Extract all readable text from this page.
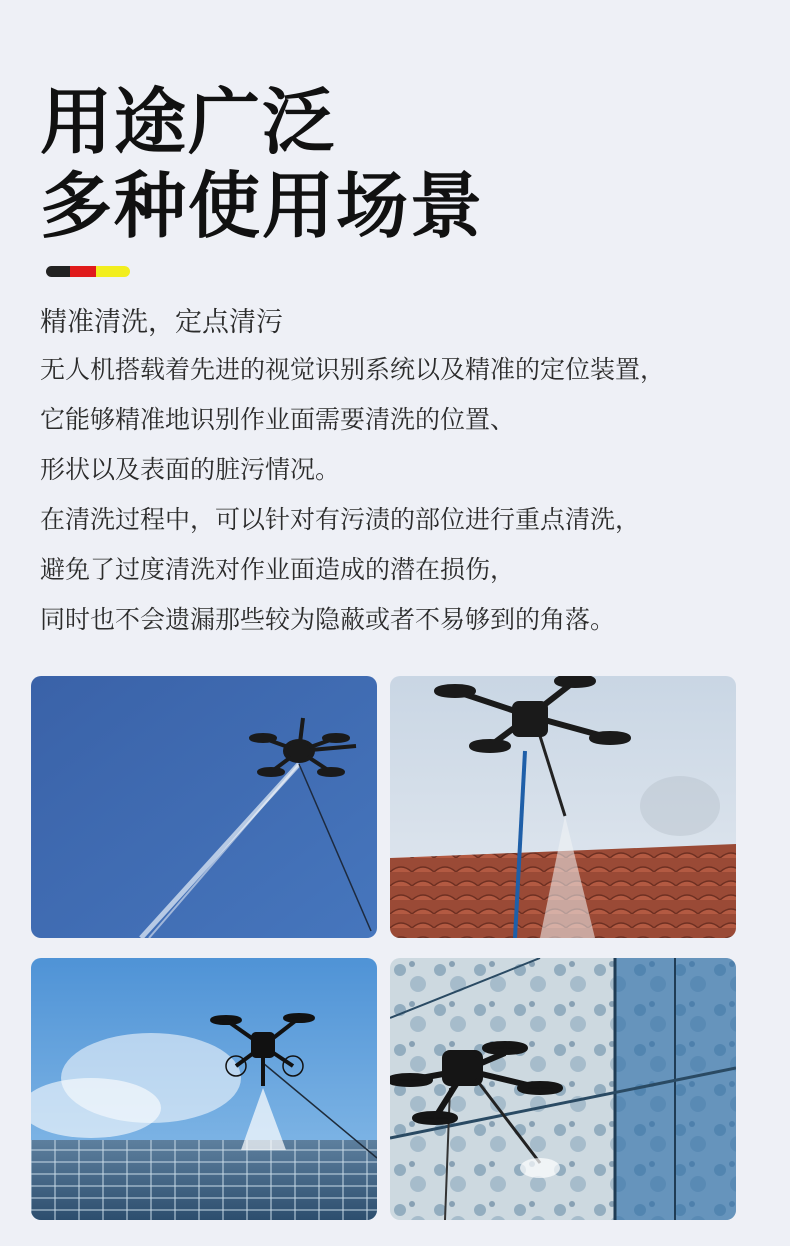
用途广泛
多种使用场景
精准清洗，定点清污
无人机搭载着先进的视觉识别系统以及精准的定位装置，
它能够精准地识别作业面需要清洗的位置、
形状以及表面的脏污情况。
在清洗过程中，可以针对有污渍的部位进行重点清洗，
避免了过度清洗对作业面造成的潜在损伤，
同时也不会遗漏那些较为隐蔽或者不易够到的角落。
